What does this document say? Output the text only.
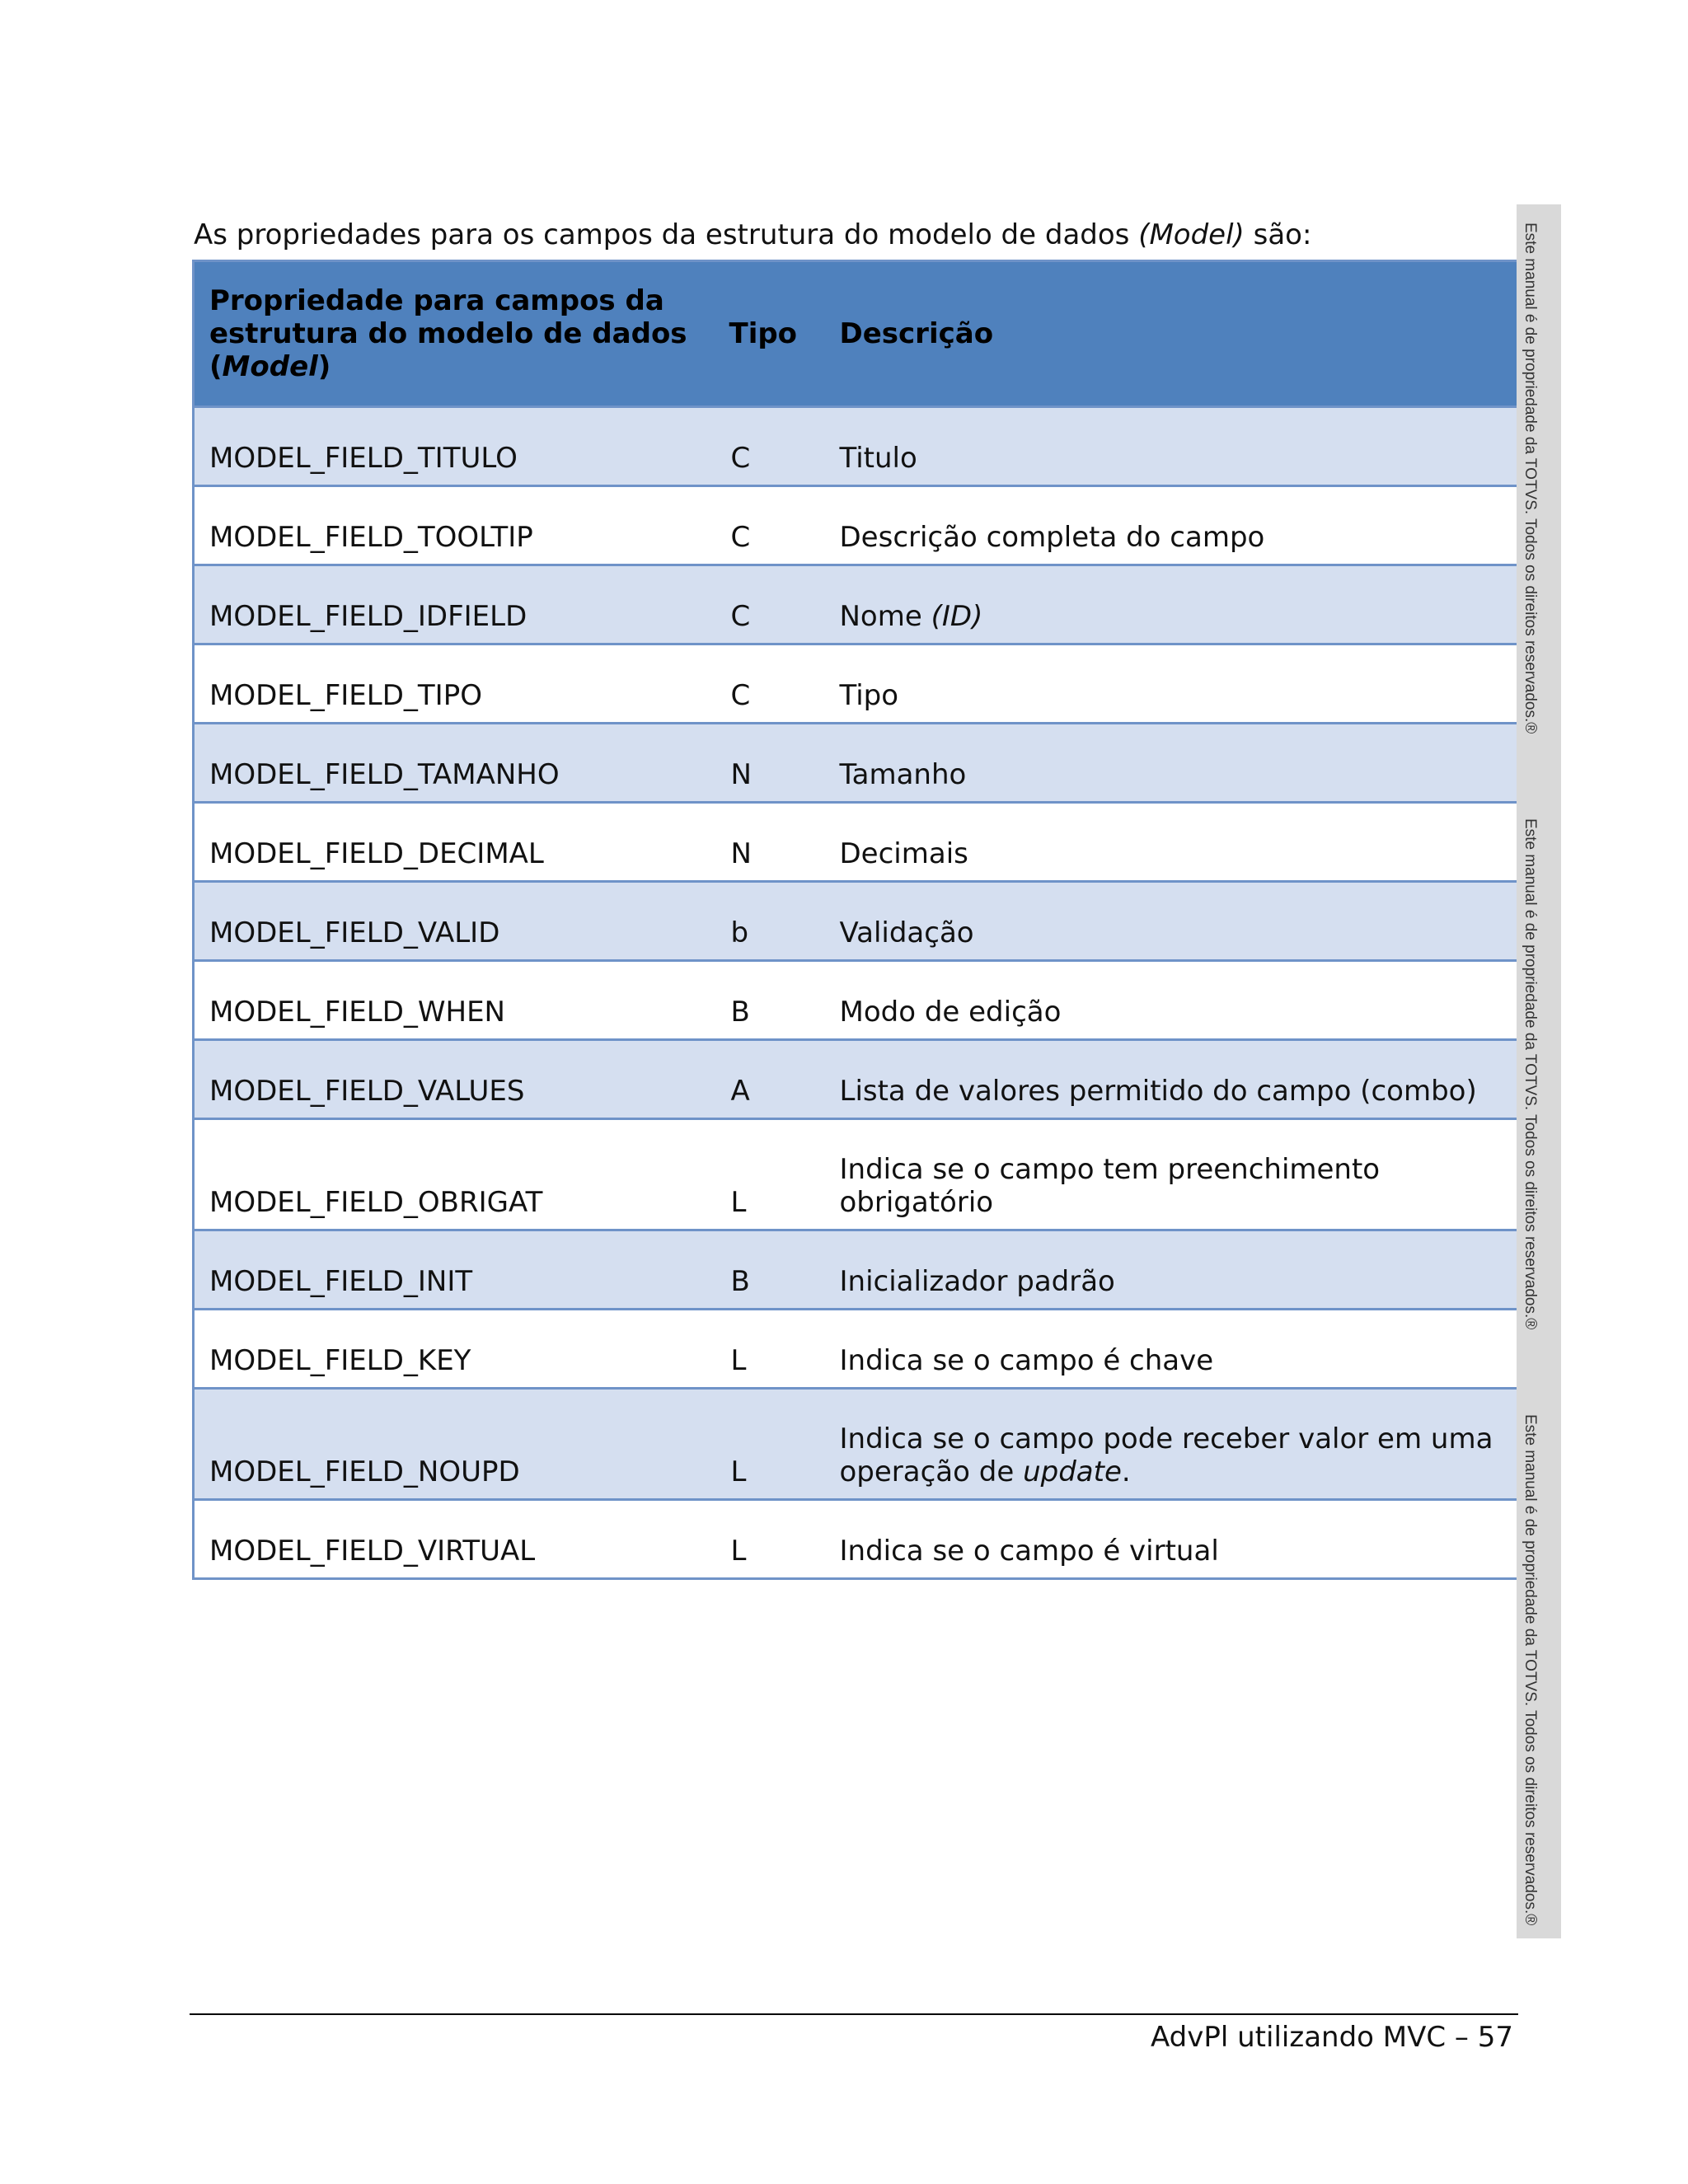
As propriedades para os campos da estrutura do modelo de dados (Model) são:
Propriedade para campos da
estrutura do modelo de dados
(Model)	Tipo	Descrição
MODEL_FIELD_TITULO	C	Titulo
MODEL_FIELD_TOOLTIP	C	Descrição completa do campo
MODEL_FIELD_IDFIELD	C	Nome (ID)
MODEL_FIELD_TIPO	C	Tipo
MODEL_FIELD_TAMANHO	N	Tamanho
MODEL_FIELD_DECIMAL	N	Decimais
MODEL_FIELD_VALID	b	Validação
MODEL_FIELD_WHEN	B	Modo de edição
MODEL_FIELD_VALUES	A	Lista de valores permitido do campo (combo)
MODEL_FIELD_OBRIGAT	L	Indica se o campo tem preenchimento
obrigatório
MODEL_FIELD_INIT	B	Inicializador padrão
MODEL_FIELD_KEY	L	Indica se o campo é chave
MODEL_FIELD_NOUPD	L	Indica se o campo pode receber valor em uma
operação de update.
MODEL_FIELD_VIRTUAL	L	Indica se o campo é virtual
Este manual é de propriedade da TOTVS. Todos os direitos reservados.®
Este manual é de propriedade da TOTVS. Todos os direitos reservados.®
Este manual é de propriedade da TOTVS. Todos os direitos reservados.®
AdvPl utilizando MVC – 57
